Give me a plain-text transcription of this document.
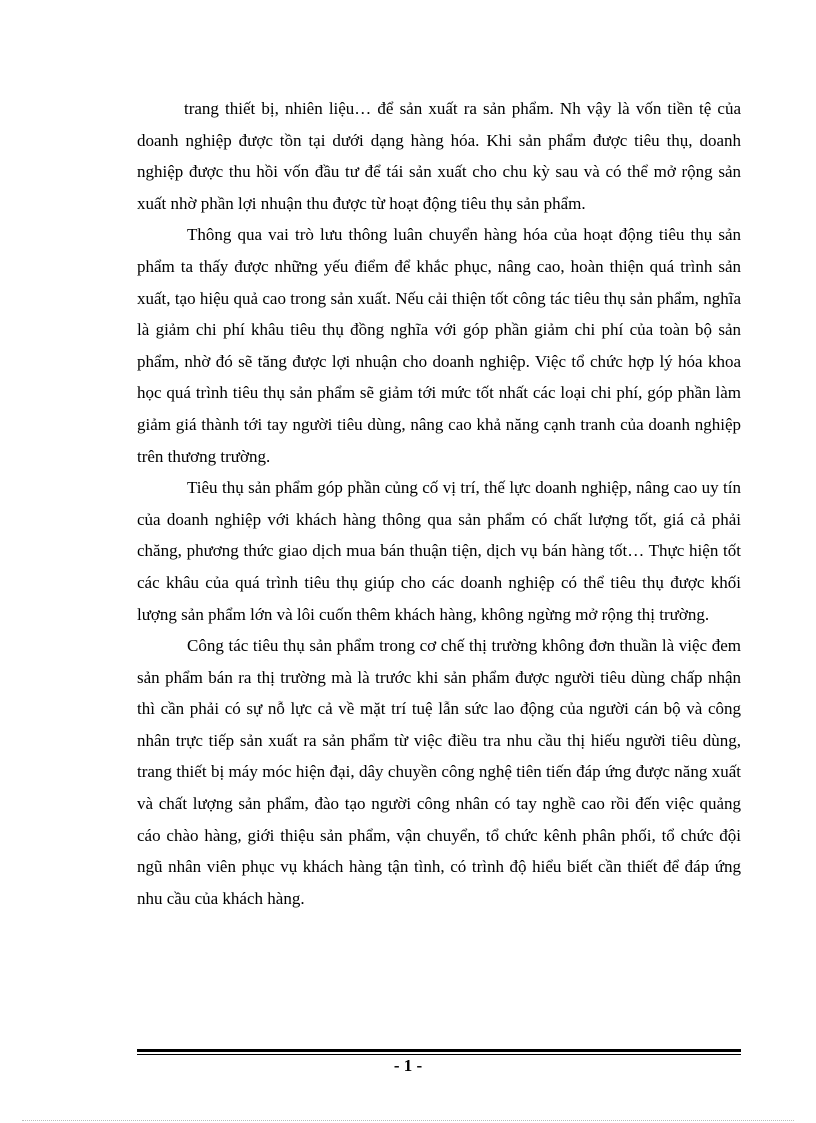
trang thiết bị, nhiên liệu… để sản xuất ra sản phẩm. Nh vậy là vốn tiền tệ của doanh nghiệp được tồn tại dưới dạng hàng hóa. Khi sản phẩm được tiêu thụ, doanh nghiệp được thu hồi vốn đầu tư để tái sản xuất cho chu kỳ sau và có thể mở rộng sản xuất nhờ phần lợi nhuận thu được từ hoạt động tiêu thụ sản phẩm.

Thông qua vai trò lưu thông luân chuyển hàng hóa của hoạt động tiêu thụ sản phẩm ta thấy được những yếu điểm để khắc phục, nâng cao, hoàn thiện quá trình sản xuất, tạo hiệu quả cao trong sản xuất. Nếu cải thiện tốt công tác tiêu thụ sản phẩm, nghĩa là giảm chi phí khâu tiêu thụ đồng nghĩa với góp phần giảm chi phí của toàn bộ sản phẩm, nhờ đó sẽ tăng được lợi nhuận cho doanh nghiệp. Việc tổ chức hợp lý hóa khoa học quá trình tiêu thụ sản phẩm sẽ giảm tới mức tốt nhất các loại chi phí, góp phần làm giảm giá thành tới tay người tiêu dùng, nâng cao khả năng cạnh tranh của doanh nghiệp trên thương trường.

Tiêu thụ sản phẩm góp phần củng cố vị trí, thế lực doanh nghiệp, nâng cao uy tín của doanh nghiệp với khách hàng thông qua sản phẩm có chất lượng tốt, giá cả phải chăng, phương thức giao dịch mua bán thuận tiện, dịch vụ bán hàng tốt… Thực hiện tốt các khâu của quá trình tiêu thụ giúp cho các doanh nghiệp có thể tiêu thụ được khối lượng sản phẩm lớn và lôi cuốn thêm khách hàng, không ngừng mở rộng thị trường.

Công tác tiêu thụ sản phẩm trong cơ chế thị trường không đơn thuần là việc đem sản phẩm bán ra thị trường mà là trước khi sản phẩm được người tiêu dùng chấp nhận thì cần phải có sự nỗ lực cả về mặt trí tuệ lẫn sức lao động của người cán bộ và công nhân trực tiếp sản xuất ra sản phẩm từ việc điều tra nhu cầu thị hiếu người tiêu dùng, trang thiết bị máy móc hiện đại, dây chuyền công nghệ tiên tiến đáp ứng được năng xuất và chất lượng sản phẩm, đào tạo người công nhân có tay nghề cao rồi đến việc quảng cáo chào hàng, giới thiệu sản phẩm, vận chuyển, tổ chức kênh phân phối, tổ chức đội ngũ nhân viên phục vụ khách hàng tận tình, có trình độ hiểu biết cần thiết để đáp ứng nhu cầu của khách hàng.

- 1 -
